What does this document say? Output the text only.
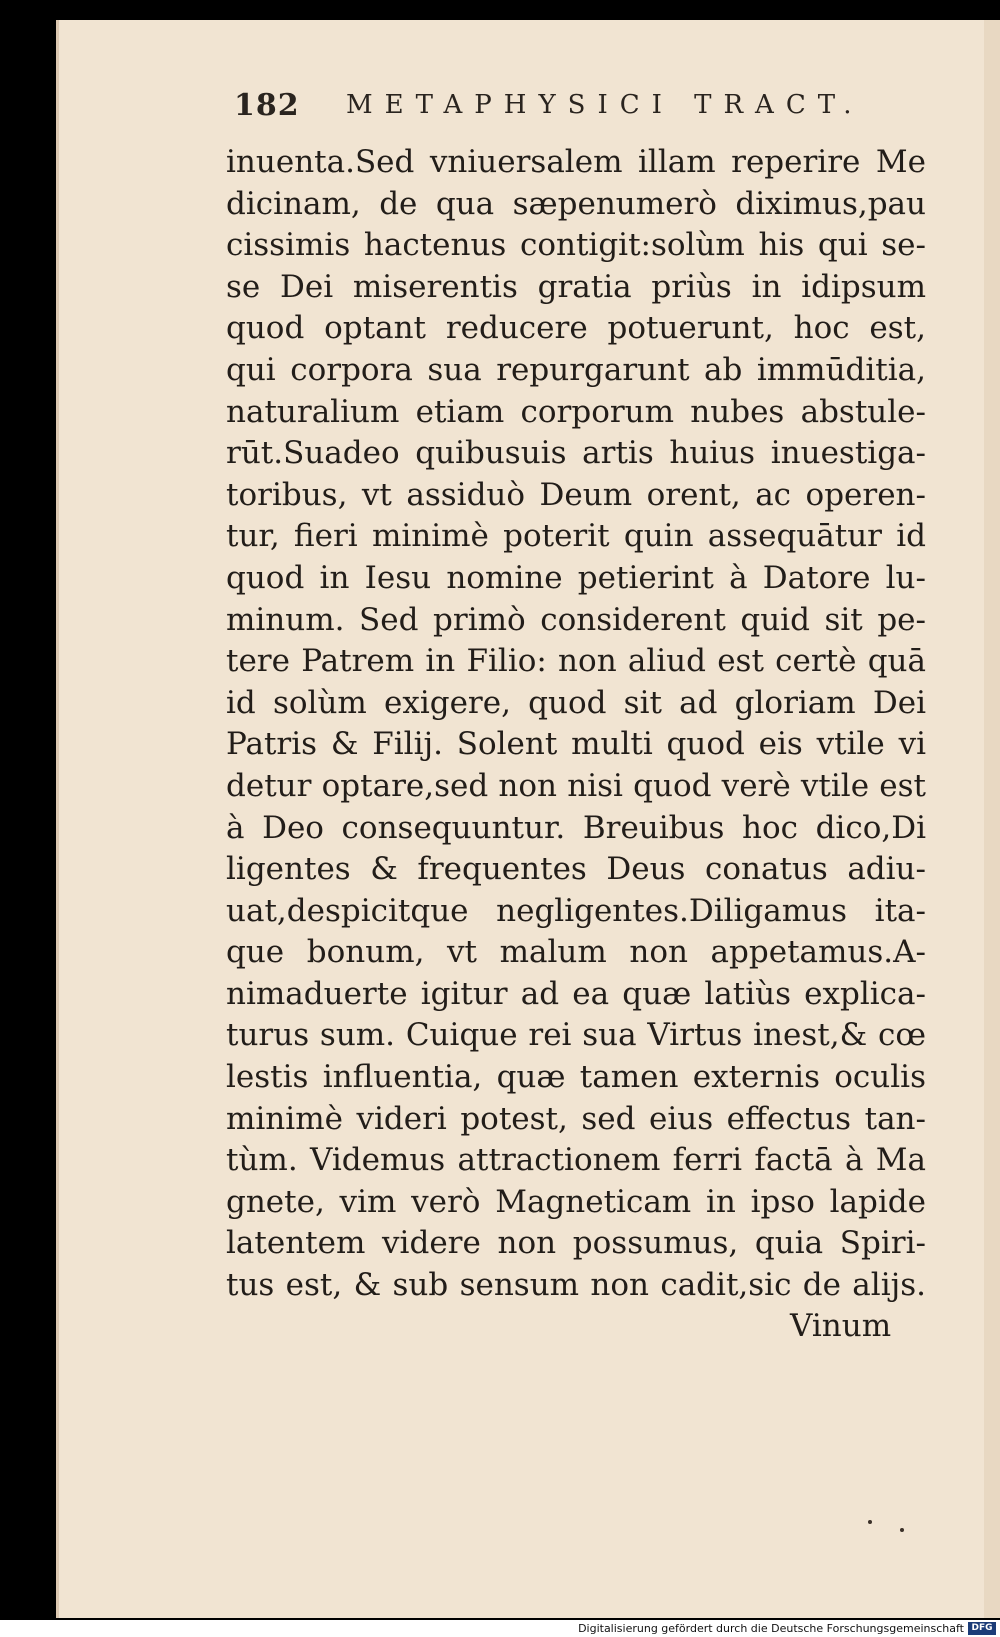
182 METAPHYSICI TRACT.
inuenta.Sed vniuersalem illam reperire Me
dicinam, de qua sæpenumerò diximus,pau
cissimis hactenus contigit:solùm his qui se-
se Dei miserentis gratia priùs in idipsum
quod optant reducere potuerunt, hoc est,
qui corpora sua repurgarunt ab immūditia,
naturalium etiam corporum nubes abstule-
rūt.Suadeo quibusuis artis huius inuestiga-
toribus, vt assiduò Deum orent, ac operen-
tur, fieri minimè poterit quin assequātur id
quod in Iesu nomine petierint à Datore lu-
minum. Sed primò considerent quid sit pe-
tere Patrem in Filio: non aliud est certè quā
id solùm exigere, quod sit ad gloriam Dei
Patris & Filij. Solent multi quod eis vtile vi
detur optare,sed non nisi quod verè vtile est
à Deo consequuntur. Breuibus hoc dico,Di
ligentes & frequentes Deus conatus adiu-
uat,despicitque negligentes.Diligamus ita-
que bonum, vt malum non appetamus.A-
nimaduerte igitur ad ea quæ latiùs explica-
turus sum. Cuique rei sua Virtus inest,& cœ
lestis influentia, quæ tamen externis oculis
minimè videri potest, sed eius effectus tan-
tùm. Videmus attractionem ferri factā à Ma
gnete, vim verò Magneticam in ipso lapide
latentem videre non possumus, quia Spiri-
tus est, & sub sensum non cadit,sic de alijs.
Vinum
Digitalisierung gefördert durch die Deutsche Forschungsgemeinschaft DFG
